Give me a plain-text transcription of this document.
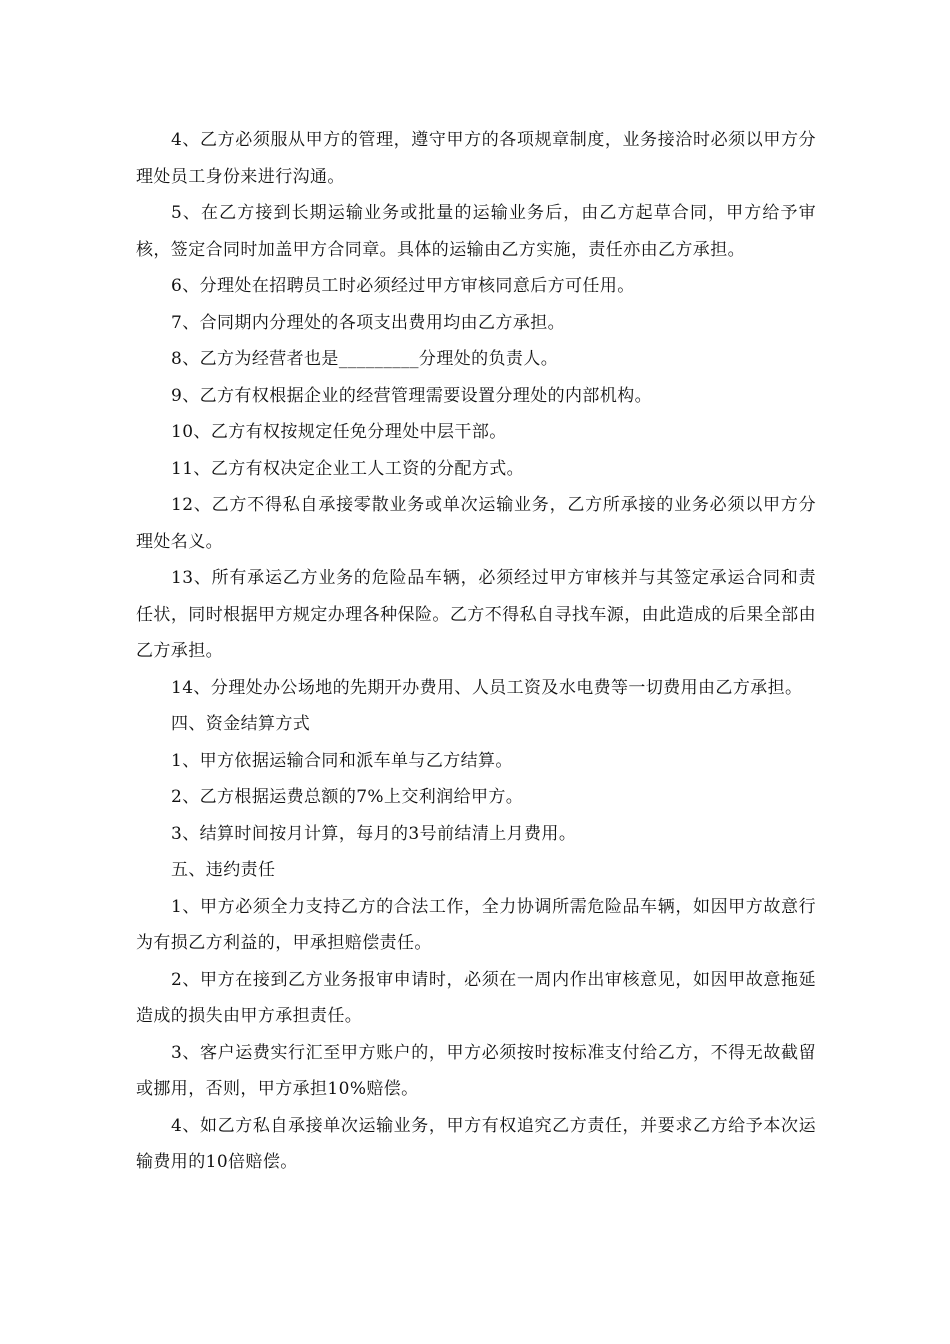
4、乙方必须服从甲方的管理，遵守甲方的各项规章制度，业务接洽时必须以甲方分理处员工身份来进行沟通。

5、在乙方接到长期运输业务或批量的运输业务后，由乙方起草合同，甲方给予审核，签定合同时加盖甲方合同章。具体的运输由乙方实施，责任亦由乙方承担。

6、分理处在招聘员工时必须经过甲方审核同意后方可任用。

7、合同期内分理处的各项支出费用均由乙方承担。

8、乙方为经营者也是_________分理处的负责人。

9、乙方有权根据企业的经营管理需要设置分理处的内部机构。

10、乙方有权按规定任免分理处中层干部。

11、乙方有权决定企业工人工资的分配方式。

12、乙方不得私自承接零散业务或单次运输业务，乙方所承接的业务必须以甲方分理处名义。

13、所有承运乙方业务的危险品车辆，必须经过甲方审核并与其签定承运合同和责任状，同时根据甲方规定办理各种保险。乙方不得私自寻找车源，由此造成的后果全部由乙方承担。

14、分理处办公场地的先期开办费用、人员工资及水电费等一切费用由乙方承担。

四、资金结算方式

1、甲方依据运输合同和派车单与乙方结算。

2、乙方根据运费总额的7%上交利润给甲方。

3、结算时间按月计算，每月的3号前结清上月费用。

五、违约责任

1、甲方必须全力支持乙方的合法工作，全力协调所需危险品车辆，如因甲方故意行为有损乙方利益的，甲承担赔偿责任。

2、甲方在接到乙方业务报审申请时，必须在一周内作出审核意见，如因甲故意拖延造成的损失由甲方承担责任。

3、客户运费实行汇至甲方账户的，甲方必须按时按标准支付给乙方，不得无故截留或挪用，否则，甲方承担10%赔偿。

4、如乙方私自承接单次运输业务，甲方有权追究乙方责任，并要求乙方给予本次运输费用的10倍赔偿。
